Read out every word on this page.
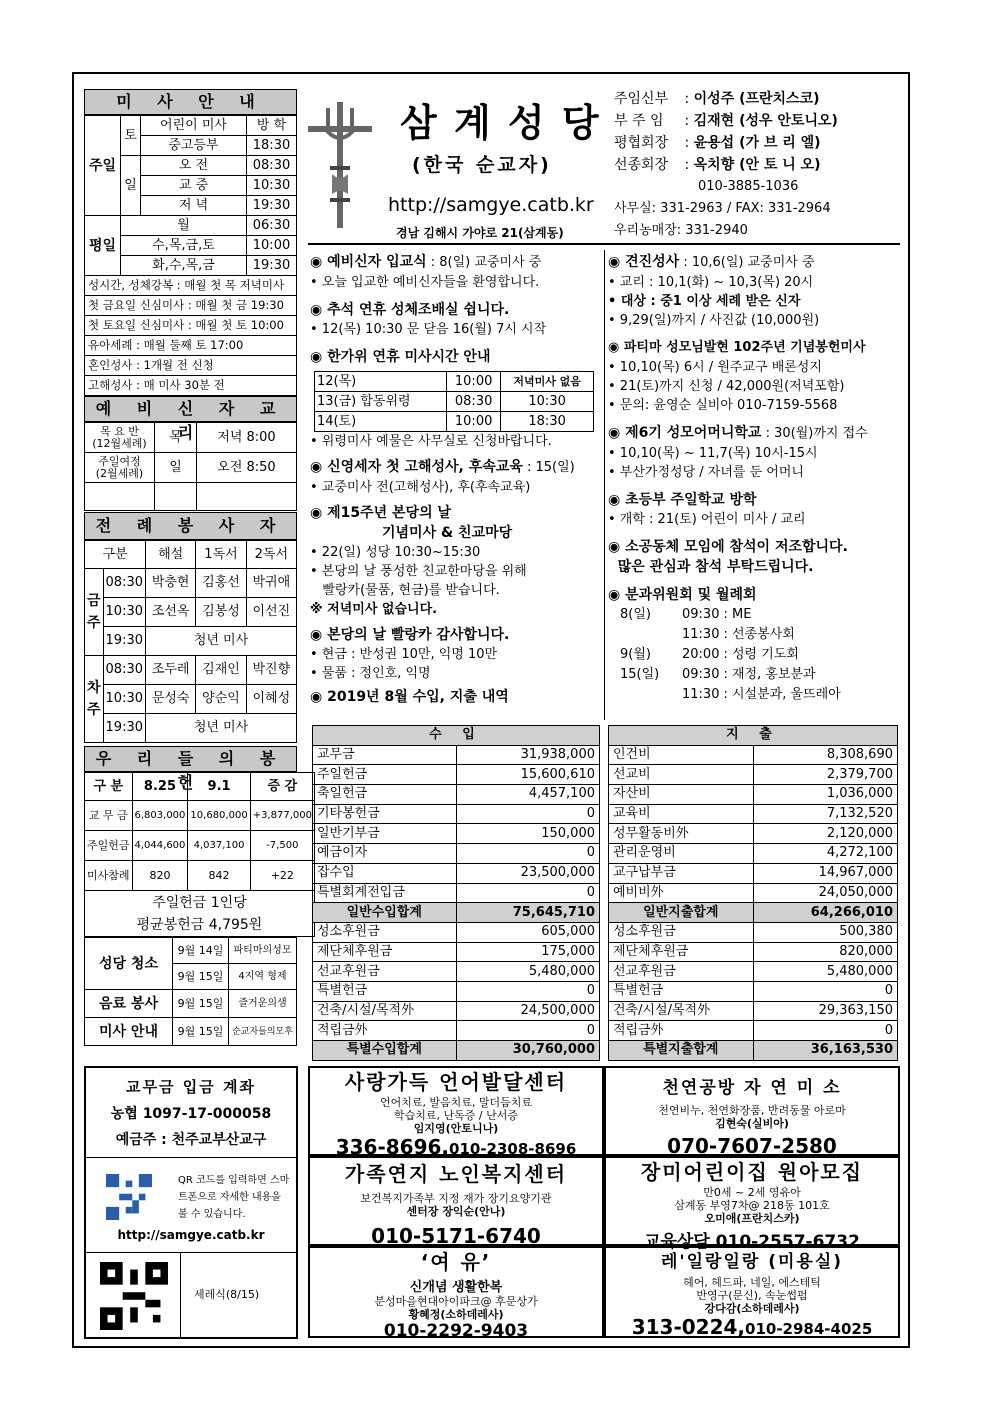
미 사 안 내
주일	토	어린이 미사	방 학
		중고등부	18:30
	일	오 전	08:30
		교 중	10:30
		저 녁	19:30
평일	월		06:30
	수,목,금,토		10:00
	화,수,목,금		19:30
성시간, 성체강복 : 매월 첫 목 저녁미사
첫 금요일 신심미사 : 매월 첫 금 19:30
첫 토요일 신심미사 : 매월 첫 토 10:00
유아세례 : 매월 둘째 토 17:00
혼인성사 : 1개월 전 신청
고해성사 : 매 미사 30분 전
예 비 신 자 교 리
목 요 반
(12월세례)	목	저녁 8:00
주일여정
(2월세례)	일	오전 8:50

전 례 봉 사 자
구분		해설	1독서	2독서
금주	08:30	박충현	김홍선	박귀애
	10:30	조선옥	김봉성	이선진
	19:30	청년 미사		
차주	08:30	조두레	김재인	박진향
	10:30	문성숙	양순익	이혜성
	19:30	청년 미사		
우 리 들 의 봉 헌
구 분	8.25	9.1	증 감
교 무 금	6,803,000	10,680,000	+3,877,000
주일헌금	4,044,600	4,037,100	-7,500
미사참례	820	842	+22

주일헌금 1인당
평균봉헌금 4,795원			
성당 청소	9월 14일	파티마의성모
	9월 15일	4지역 형제
음료 봉사	9월 15일	즐거운의샘
미사 안내	9월 15일	순교자들의모후
교무금 입금 계좌
농협 1097-17-000058
예금주 : 천주교부산교구
QR 코드를 입력하면 스마트폰으로 자세한 내용을 볼 수 있습니다.
http://samgye.catb.kr
세레식(8/15)
삼 계 성 당
(한국 순교자)
http://samgye.catb.kr
경남 김해시 가야로 21(삼계동)
주임신부 : 이성주 (프란치스코)
부 주 임 : 김재현 (성우 안토니오)
평협회장 : 윤용섭 (가 브 리 엘)
선종회장 : 옥치향 (안 토 니 오)
010-3885-1036
사무실: 331-2963 / FAX: 331-2964
우리농매장: 331-2940
◉ 예비신자 입교식 : 8(일) 교중미사 중
• 오늘 입교한 예비신자들을 환영합니다.
◉ 추석 연휴 성체조배실 쉽니다.
• 12(목) 10:30 문 닫음 16(월) 7시 시작
◉ 한가위 연휴 미사시간 안내
12(목)	10:00	저녁미사 없음
13(금) 합동위령	08:30	10:30
14(토)	10:00	18:30
• 위령미사 예물은 사무실로 신청바랍니다.
◉ 신영세자 첫 고해성사, 후속교육 : 15(일)
• 교중미사 전(고해성사), 후(후속교육)
◉ 제15주년 본당의 날
기념미사 & 친교마당
• 22(일) 성당 10:30~15:30
• 본당의 날 풍성한 친교한마당을 위해
빨랑카(물품, 현금)를 받습니다.
※ 저녁미사 없습니다.
◉ 본당의 날 빨랑카 감사합니다.
• 현금 : 반성권 10만, 익명 10만
• 물품 : 정인호, 익명
◉ 2019년 8월 수입, 지출 내역
◉ 견진성사 : 10,6(일) 교중미사 중
• 교리 : 10,1(화) ~ 10,3(목) 20시
• 대상 : 중1 이상 세례 받은 신자
• 9,29(일)까지 / 사진값 (10,000원)
◉ 파티마 성모님발현 102주년 기념봉헌미사
• 10,10(목) 6시 / 원주교구 배론성지
• 21(토)까지 신청 / 42,000원(저녁포함)
• 문의: 윤영순 실비아 010-7159-5568
◉ 제6기 성모어머니학교 : 30(월)까지 접수
• 10,10(목) ~ 11,7(목) 10시-15시
• 부산가정성당 / 자녀를 둔 어머니
◉ 초등부 주일학교 방학
• 개학 : 21(토) 어린이 미사 / 교리
◉ 소공동체 모임에 참석이 저조합니다.
많은 관심과 참석 부탁드립니다.
◉ 분과위원회 및 월례회
8(일)	09:30	: ME
	11:30	: 선종봉사회
9(월)	20:00	: 성령 기도회
15(일)	09:30	: 재정, 홍보분과
	11:30	: 시설분과, 울뜨레아
수 입	
교무금	31,938,000
주일헌금	15,600,610
축일헌금	4,457,100
기타봉헌금	0
일반기부금	150,000
예금이자	0
잡수입	23,500,000
특별회계전입금	0
일반수입합계	75,645,710
성소후원금	605,000
제단체후원금	175,000
선교후원금	5,480,000
특별헌금	0
건축/시설/목적外	24,500,000
적립금外	0
특별수입합계	30,760,000
지 출	
인건비	8,308,690
선교비	2,379,700
자산비	1,036,000
교육비	7,132,520
성무활동비外	2,120,000
관리운영비	4,272,100
교구납부금	14,967,000
예비비外	24,050,000
일반지출합계	64,266,010
성소후원금	500,380
제단체후원금	820,000
선교후원금	5,480,000
특별헌금	0
건축/시설/목적外	29,363,150
적립금外	0
특별지출합계	36,163,530
사랑가득 언어발달센터
언어치료, 발음치료, 말더듬치료
학습치료, 난독증 / 난서증
임지영(안토니나)
336-8696,010-2308-8696
천연공방 자 연 미 소
천연비누, 천연화장품, 반려동물 아로마
김현숙(실비아)
070-7607-2580
가족연지 노인복지센터
보건복지가족부 지정 재가 장기요양기관
센터장 장익순(안나)
010-5171-6740
장미어린이집 원아모집
만0세 ~ 2세 영유아
삼계동 부영7차@ 218동 101호
오미애(프란치스카)
교육상담 010-2557-6732
‘여 유’
신개념 생활한복
분성마을현대아이파크@ 후문상가
황혜정(소하데레사)
010-2292-9403
레'일랑일랑 (미용실)
헤어, 헤드파, 네일, 에스테틱
반영구(문신), 속눈썹펌
강다감(소하데레사)
313-0224,010-2984-4025
